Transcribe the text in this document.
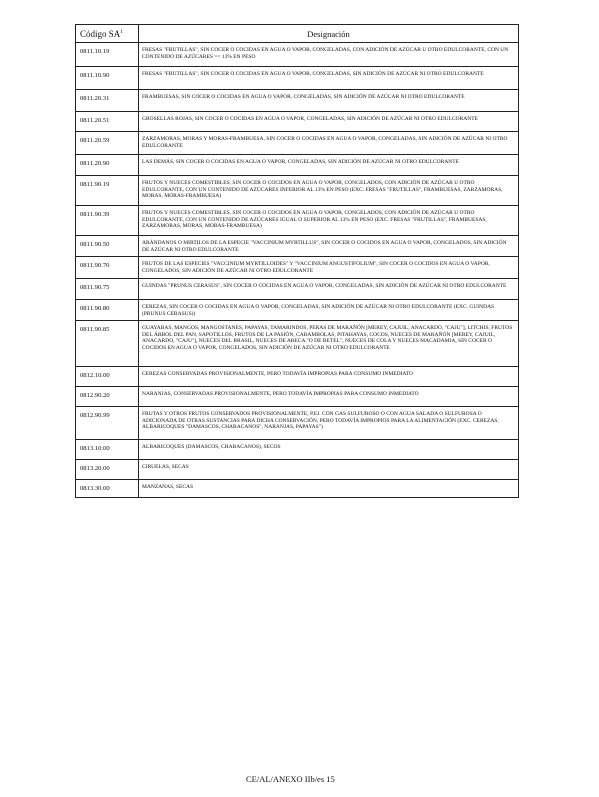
Código $SA^1$	Designación
0811.10.19	FRESAS "FRUTILLAS", SIN COCER O COCIDAS EN AGUA O VAPOR, CONGELADAS, CON ADICIÓN DE AZÚCAR U OTRO EDULCORANTE, CON UN CONTENIDO DE AZÚCARES =< 13% EN PESO
0811.10.90	FRESAS "FRUTILLAS", SIN COCER O COCIDAS EN AGUA O VAPOR, CONGELADAS, SIN ADICIÓN DE AZÚCAR NI OTRO EDULCORANTE
0811.20.31	FRAMBUESAS, SIN COCER O COCIDAS EN AGUA O VAPOR, CONGELADAS, SIN ADICIÓN DE AZÚCAR NI OTRO EDULCORANTE
0811.20.51	GROSELLAS ROJAS, SIN COCER O COCIDAS EN AGUA O VAPOR, CONGELADAS, SIN ADICIÓN DE AZÚCAR NI OTRO EDULCORANTE
0811.20.59	ZARZAMORAS, MORAS Y MORAS-FRAMBUESA, SIN COCER O COCIDAS EN AGUA O VAPOR, CONGELADAS, SIN ADICIÓN DE AZÚCAR NI OTRO EDULCORANTE
0811.20.90	LAS DEMÁS, SIN COCER O COCIDAS EN AGUA O VAPOR, CONGELADAS, SIN ADICIÓN DE AZÚCAR NI OTRO EDULCORANTE
0811.90.19	FRUTOS Y NUECES COMESTIBLES, SIN COCER O COCIDOS EN AGUA O VAPOR, CONGELADOS, CON ADICIÓN DE AZÚCAR U OTRO EDULCORANTE, CON UN CONTENIDO DE AZÚCARES INFERIOR AL 13% EN PESO (EXC. FRESAS "FRUTILLAS", FRAMBUESAS, ZARZAMORAS, MORAS, MORAS-FRAMBUESA)
0811.90.39	FRUTOS Y NUECES COMESTIBLES, SIN COCER O COCIDOS EN AGUA O VAPOR, CONGELADOS, CON ADICIÓN DE AZÚCAR U OTRO EDULCORANTE, CON UN CONTENIDO DE AZÚCARES IGUAL O SUPERIOR AL 13% EN PESO (EXC. FRESAS "FRUTILLAS", FRAMBUESAS, ZARZAMORAS, MORAS, MORAS-FRAMBUESA)
0811.90.50	ARÁNDANOS O MIRTILOS DE LA ESPECIE "VACCINIUM MYRTILLUS", SIN COCER O COCIDOS EN AGUA O VAPOR, CONGELADOS, SIN ADICIÓN DE AZÚCAR NI OTRO EDULCORANTE
0811.90.70	FRUTOS DE LAS ESPECIES "VACCINIUM MYRTILLOIDES" Y "VACCINIUM ANGUSTIFOLIUM", SIN COCER O COCIDOS EN AGUA O VAPOR, CONGELADOS, SIN ADICIÓN DE AZÚCAR NI OTRO EDULCORANTE
0811.90.75	GUINDAS "PRUNUS CERASUS", SIN COCER O COCIDAS EN AGUA O VAPOR, CONGELADAS, SIN ADICIÓN DE AZÚCAR NI OTRO EDULCORANTE
0811.90.80	CEREZAS, SIN COCER O COCIDAS EN AGUA O VAPOR, CONGELADAS, SIN ADICIÓN DE AZÚCAR NI OTRO EDULCORANTE (EXC. GUINDAS (PRUNUS CERASUS))
0811.90.85	GUAYABAS, MANGOS, MANGOSTANES, PAPAYAS, TAMARINDOS, PERAS DE MARAÑÓN [MEREY, CAJUIL, ANACARDO, "CAJU"], LITCHIS, FRUTOS DEL ÁRBOL DEL PAN, SAPOTILLOS, FRUTOS DE LA PASIÓN, CARAMBOLAS, PITAHAYAS, COCOS, NUECES DE MARAÑÓN [MEREY, CAJUIL, ANACARDO, "CAJU"], NUECES DEL BRASIL, NUECES DE ARECA "O DE BETEL", NUECES DE COLA Y NUECES MACADAMIA, SIN COCER O COCIDOS EN AGUA O VAPOR, CONGELADOS, SIN ADICIÓN DE AZÚCAR NI OTRO EDULCORANTE
0812.10.00	CEREZAS CONSERVADAS PROVISIONALMENTE, PERO TODAVÍA IMPROPIAS PARA CONSUMO INMEDIATO
0812.90.20	NARANJAS, CONSERVADAS PROVISIONALMENTE, PERO TODAVÍA IMPROPIAS PARA CONSUMO INMEDIATO
0812.90.99	FRUTAS Y OTROS FRUTOS CONSERVADOS PROVISIONALMENTE, P.EJ. CON GAS SULFUROSO O CON AGUA SALADA O SULFUROSA O ADICIONADA DE OTRAS SUSTANCIAS PARA DICHA CONSERVACIÓN, PERO TODAVÍA IMPROPIOS PARA LA ALIMENTACIÓN (EXC. CEREZAS, ALBARICOQUES "DAMASCOS, CHABACANOS", NARANJAS, PAPAYAS")
0813.10.00	ALBARICOQUES (DAMASCOS, CHABACANOS), SECOS
0813.20.00	CIRUELAS, SECAS
0813.30.00	MANZANAS, SECAS
CE/AL/ANEXO IIb/es 15
